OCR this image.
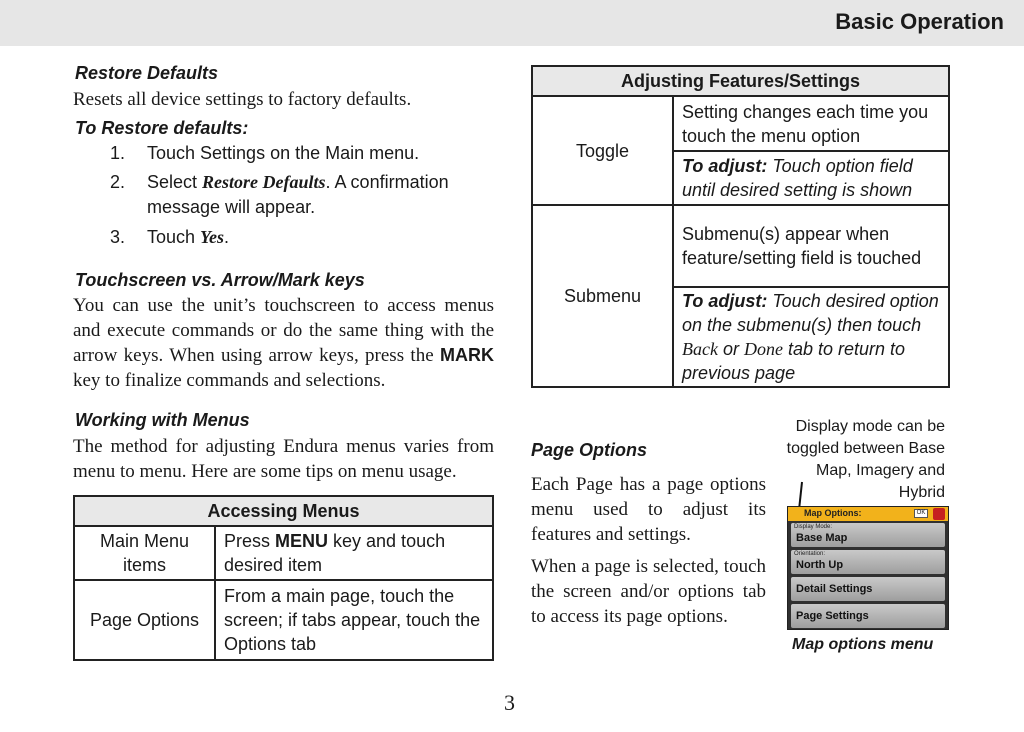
Basic Operation
Restore Defaults
Resets all device settings to factory defaults.
To Restore defaults:
1. Touch Settings on the Main menu.
2. Select Restore Defaults. A confirmation
message will appear.
3. Touch Yes.
Touchscreen vs. Arrow/Mark keys
You can use the unit’s touchscreen to access menus and execute commands or do the same thing with the arrow keys. When using arrow keys, press the MARK key to finalize commands and selections.
Working with Menus
The method for adjusting Endura menus varies from menu to menu. Here are some tips on menu usage.
Accessing Menus	
Main Menu items	Press MENU key and touch desired item
Page Options	From a main page, touch the screen; if tabs appear, touch the Options tab
Adjusting Features/Settings	
Toggle	Setting changes each time you touch the menu option
	To adjust: Touch option field until desired setting is shown
Submenu	Submenu(s) appear when feature/setting field is touched
	To adjust: Touch desired option on the submenu(s) then touch Back or Done tab to return to previous page
Page Options
Each Page has a page options menu used to adjust its features and settings.
When a page is selected, touch the screen and/or options tab to access its page options.
Display mode can be toggled between Base Map, Imagery and Hybrid
Map Options:	OK
Display Mode:
Base Map
Orientation:
North Up
Detail Settings
Page Settings
Map options menu
3
